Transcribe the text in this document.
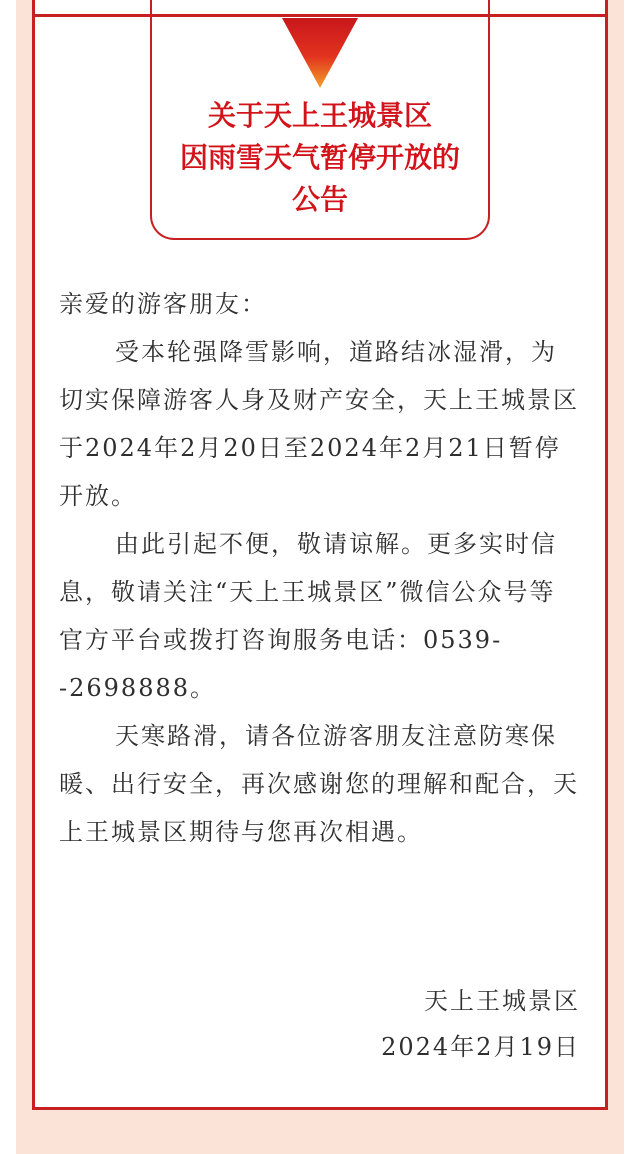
关于天上王城景区
因雨雪天气暂停开放的
公告

亲爱的游客朋友：

受本轮强降雪影响，道路结冰湿滑，为切实保障游客人身及财产安全，天上王城景区于2024年2月20日至2024年2月21日暂停开放。

由此引起不便，敬请谅解。更多实时信息，敬请关注“天上王城景区”微信公众号等官方平台或拨打咨询服务电话：0539--2698888。

天寒路滑，请各位游客朋友注意防寒保暖、出行安全，再次感谢您的理解和配合，天上王城景区期待与您再次相遇。

天上王城景区
2024年2月19日
